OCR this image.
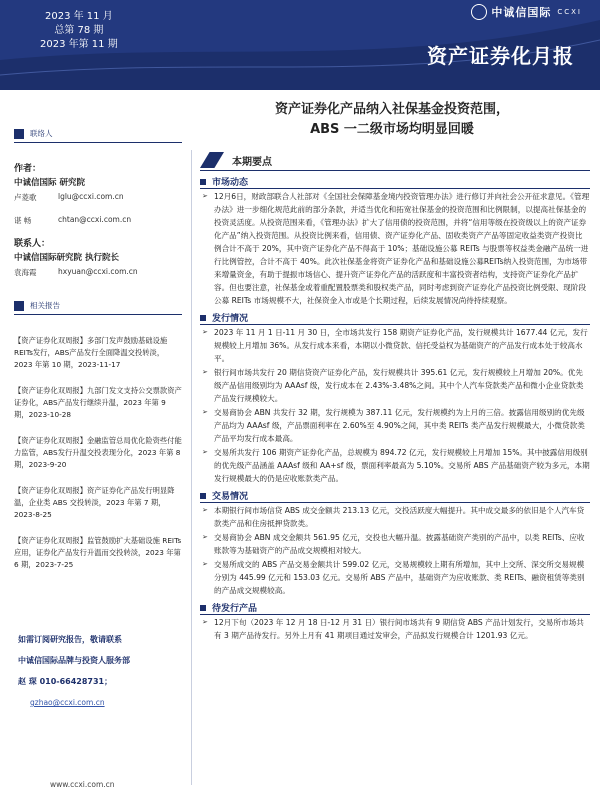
2023 年 11 月
总第 78 期
2023 年第 11 期
中诚信国际 CCXI
资产证券化月报
资产证券化产品纳入社保基金投资范围，
ABS 一二级市场均明显回暖
联络人
作者：
中诚信国际 研究院
卢菱歌	lglu@ccxi.com.cn
谌 畅	chtan@ccxi.com.cn
联系人：
中诚信国际研究院 执行院长
袁海霞	hxyuan@ccxi.com.cn
相关报告
【资产证券化双周报】多部门发声鼓励基础设施REITs发行，ABS产品发行全面降温交投转淡，2023 年第 10 期，2023-11-17
【资产证券化双周报】九部门发文支持公交票款资产证券化，ABS产品发行继续升温，2023 年第 9 期，2023-10-28
【资产证券化双周报】金融监管总局优化险资些付能力监管，ABS发行升温交投表现分化，2023 年第 8 期，2023-9-20
【资产证券化双周报】资产证券化产品发行明显降温，企业类 ABS 交投转淡，2023 年第 7 期，2023-8-25
【资产证券化双周报】监管鼓励扩大基础设施 REITs 应用，证券化产品发行升温而交投转淡，2023 年第 6 期，2023-7-25
如需订阅研究报告，敬请联系
中诚信国际品牌与投资人服务部
赵 琛 010-66428731；
gzhao@ccxi.com.cn
www.ccxi.com.cn
本期要点
市场动态
➢ 12月6日，财政部联合人社部对《全国社会保障基金境内投资管理办法》进行修订并向社会公开征求意见。《管理办法》进一步细化规范此前的部分条款，并适当优化和拓宽社保基金的投资范围和比例限制，以提高社保基金的投资灵活度。从投资范围来看，《管理办法》扩大了信用债的投资范围，并将“信用等级在投资级以上的资产证券化产品”纳入投资范围。从投资比例来看，信用债、资产证券化产品、固收类资产产品等固定收益类资产投资比例合计不高于 20%，其中资产证券化产品不得高于 10%；基础设施公募 REITs 与股票等权益类金融产品统一进行比例管控，合计不高于 40%。此次社保基金将资产证券化产品和基础设施公募REITs纳入投资范围，为市场带来增量资金，有助于提振市场信心、提升资产证券化产品的活跃度和丰富投资者结构，支持资产证券化产品扩容。但也要注意，社保基金或着重配置股票类和股权类产品，同时考虑到资产证券化产品投资比例受限、现阶段公募 REITs 市场规模不大，社保资金入市或是个长期过程，后续发展情况尚待持续观察。
发行情况
➢ 2023 年 11 月 1 日-11 月 30 日，全市场共发行 158 期资产证券化产品，发行规模共计 1677.44 亿元，发行规模较上月增加 36%。从发行成本来看，本期以小微贷款、信托受益权为基础资产的产品发行成本处于较高水平。
➢ 银行间市场共发行 20 期信贷资产证券化产品，发行规模共计 395.61 亿元，发行规模较上月增加 20%。优先级产品信用级别均为 AAAsf 级，发行成本在 2.43%-3.48%之间。其中个人汽车贷款类产品和微小企业贷款类产品发行规模较大。
➢ 交易商协会 ABN 共发行 32 期，发行规模为 387.11 亿元，发行规模约为上月的三倍。披露信用级别的优先级产品均为 AAAsf 级，产品票面利率在 2.60%至 4.90%之间，其中类 REITs 类产品发行规模最大，小微贷款类产品平均发行成本最高。
➢ 交易所共发行 106 期资产证券化产品，总规模为 894.72 亿元，发行规模较上月增加 15%。其中披露信用级别的优先级产品涵盖 AAAsf 级和 AA+sf 级，票面利率最高为 5.10%。交易所 ABS 产品基础资产较为多元，本期发行规模最大的仍是应收账款类产品。
交易情况
➢ 本期银行间市场信贷 ABS 成交金额共 213.13 亿元，交投活跃度大幅提升。其中成交最多的依旧是个人汽车贷款类产品和住房抵押贷款类。
➢ 交易商协会 ABN 成交金额共 561.95 亿元，交投也大幅升温。披露基础资产类别的产品中，以类 REITs、应收账款等为基础资产的产品成交规模相对较大。
➢ 交易所成交的 ABS 产品交易金额共计 599.02 亿元，交易规模较上期有所增加，其中上交所、深交所交易规模分别为 445.99 亿元和 153.03 亿元。交易所 ABS 产品中，基础资产为应收账款、类 REITs、融资租赁等类别的产品成交规模较高。
待发行产品
➢ 12月下旬（2023 年 12 月 18 日-12 月 31 日）银行间市场共有 9 期信贷 ABS 产品计划发行，交易所市场共有 3 期产品待发行。另外上月有 41 期项目通过发审会，产品拟发行规模合计 1201.93 亿元。
